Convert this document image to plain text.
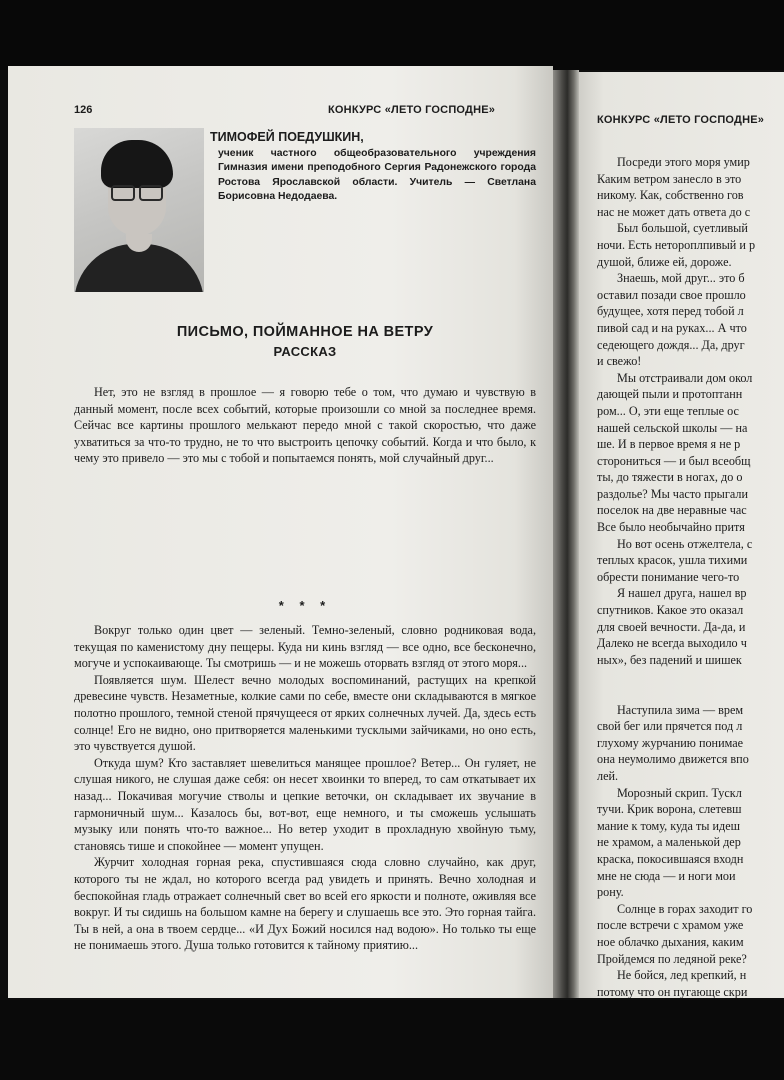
126	КОНКУРС «ЛЕТО ГОСПОДНЕ»
ТИМОФЕЙ ПОЕДУШКИН,
ученик частного общеобразовательного учреждения Гимназия имени преподобного Сергия Радонежского города Ростова Ярославской области. Учитель — Светлана Борисовна Недодаева.
ПИСЬМО, ПОЙМАННОЕ НА ВЕТРУ
РАССКАЗ

Нет, это не взгляд в прошлое — я говорю тебе о том, что думаю и чувствую в данный момент, после всех событий, которые произошли со мной за последнее время. Сейчас все картины прошлого мелькают передо мной с такой скоростью, что даже ухватиться за что-то трудно, не то что выстроить цепочку событий. Когда и что было, к чему это привело — это мы с тобой и попытаемся понять, мой случайный друг...

* * *

Вокруг только один цвет — зеленый. Темно-зеленый, словно родниковая вода, текущая по каменистому дну пещеры. Куда ни кинь взгляд — все одно, все бесконечно, могуче и успокаивающе. Ты смотришь — и не можешь оторвать взгляд от этого моря...

Появляется шум. Шелест вечно молодых воспоминаний, растущих на крепкой древесине чувств. Незаметные, колкие сами по себе, вместе они складываются в мягкое полотно прошлого, темной стеной прячущееся от ярких солнечных лучей. Да, здесь есть солнце! Его не видно, оно притворяется маленькими тусклыми зайчиками, но оно есть, это чувствуется душой.

Откуда шум? Кто заставляет шевелиться манящее прошлое? Ветер... Он гуляет, не слушая никого, не слушая даже себя: он несет хвоинки то вперед, то сам откатывает их назад... Покачивая могучие стволы и цепкие веточки, он складывает их звучание в гармоничный шум... Казалось бы, вот-вот, еще немного, и ты сможешь услышать музыку или понять что-то важное... Но ветер уходит в прохладную хвойную тьму, становясь тише и спокойнее — момент упущен.

Журчит холодная горная река, спустившаяся сюда словно случайно, как друг, которого ты не ждал, но которого всегда рад увидеть и принять. Вечно холодная и беспокойная гладь отражает солнечный свет во всей его яркости и полноте, оживляя все вокруг. И ты сидишь на большом камне на берегу и слушаешь все это. Это горная тайга. Ты в ней, а она в твоем сердце... «И Дух Божий носился над водою». Но только ты еще не понимаешь этого. Душа только готовится к тайному приятию...

КОНКУРС «ЛЕТО ГОСПОДНЕ»
Посреди этого моря умир
Каким ветром занесло в это
никому. Как, собственно гов
нас не может дать ответа до с
Был большой, суетливый
ночи. Есть нетороплпивый и р
душой, ближе ей, дороже.
Знаешь, мой друг... это б
оставил позади свое прошло
будущее, хотя перед тобой л
пивой сад и на руках... А что
седеющего дождя... Да, друг
и свежо!
Мы отстраивали дом окол
дающей пыли и протоптанн
ром... О, эти еще теплые ос
нашей сельской школы — на
ше. И в первое время я не р
сторониться — и был всеобщ
ты, до тяжести в ногах, до о
раздолье? Мы часто прыгали
поселок на две неравные час
Все было необычайно притя
Но вот осень отжелтела, с
теплых красок, ушла тихими
обрести понимание чего-то
Я нашел друга, нашел вр
спутников. Какое это оказал
для своей вечности. Да-да, и
Далеко не всегда выходило ч
ных», без падений и шишек
Наступила зима — врем
свой бег или прячется под л
глухому журчанию понимае
она неумолимо движется впо
лей.
Морозный скрип. Тускл
тучи. Крик ворона, слетевш
мание к тому, куда ты идеш
не храмом, а маленькой дер
краска, покосившаяся входн
мне не сюда — и ноги мои
рону.
Солнце в горах заходит го
после встречи с храмом уже
ное облачко дыхания, каким
Пройдемся по ледяной реке?
Не бойся, лед крепкий, н
потому что он пугающе скри
